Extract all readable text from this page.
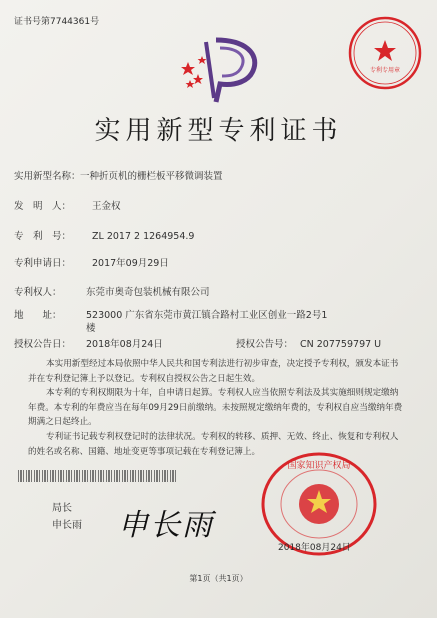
证书号第7744361号
专利专用章
实用新型专利证书
实用新型名称： 一种折页机的栅栏板平移微调装置
发　明　人： 王金权
专　利　号： ZL 2017 2 1264954.9
专利申请日： 2017年09月29日
专利权人：	东莞市奥奇包装机械有限公司
地　　址：	523000 广东省东莞市黄江镇合路村工业区创业一路2号1
楼
授权公告日： 2018年08月24日	授权公告号： CN 207759797 U
本实用新型经过本局依照中华人民共和国专利法进行初步审查，决定授予专利权，颁发本证书并在专利登记簿上予以登记。专利权自授权公告之日起生效。
本专利的专利权期限为十年，自申请日起算。专利权人应当依照专利法及其实施细则规定缴纳年费。本专利的年费应当在每年09月29日前缴纳。未按照规定缴纳年费的，专利权自应当缴纳年费期满之日起终止。
专利证书记载专利权登记时的法律状况。专利权的转移、质押、无效、终止、恢复和专利权人的姓名或名称、国籍、地址变更等事项记载在专利登记簿上。
局长
申长雨 申长雨
国家知识产权局
2018年08月24日
第1页（共1页）
